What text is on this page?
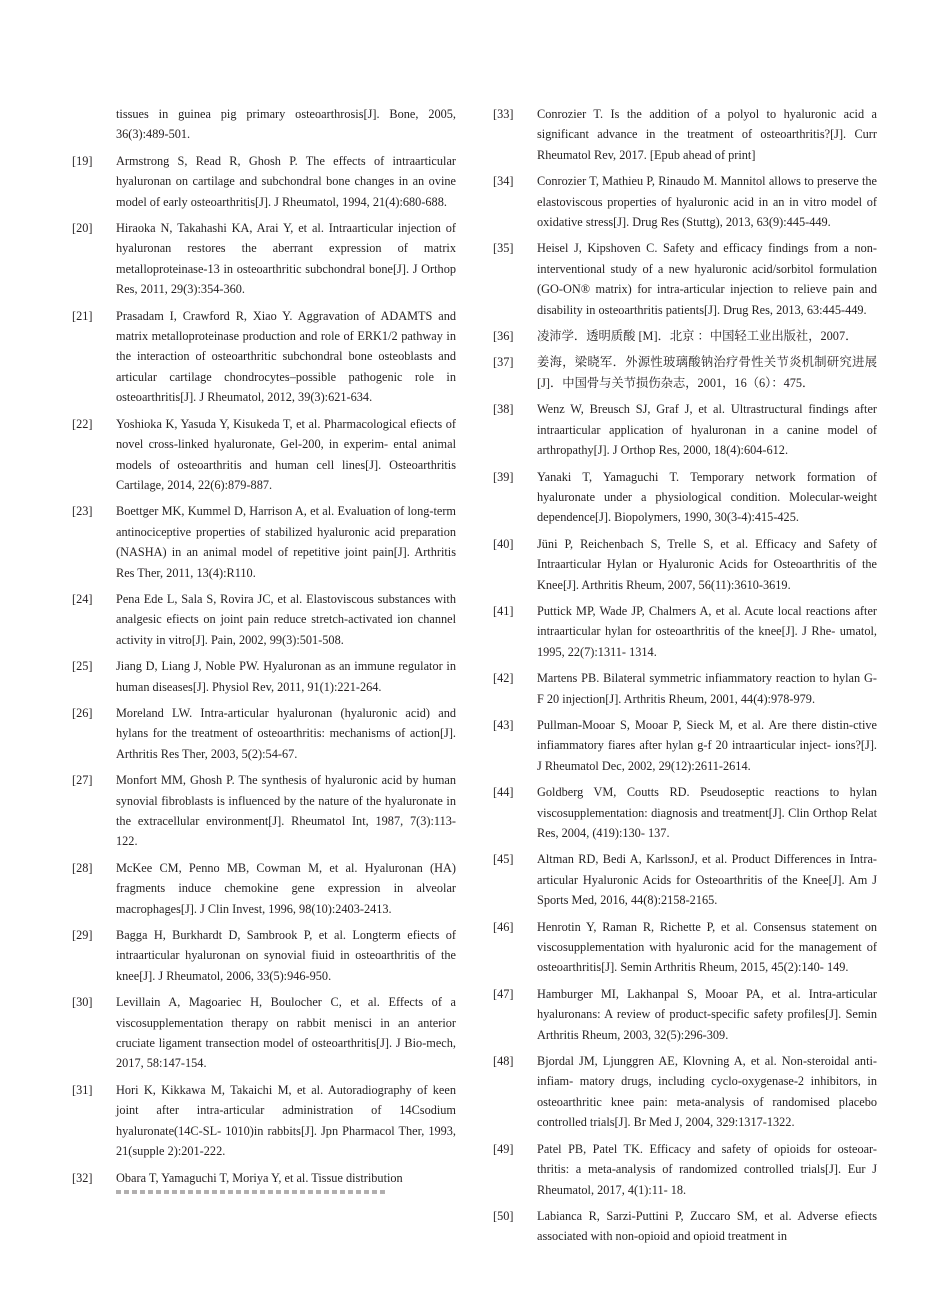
tissues in guinea pig primary osteoarthrosis[J]. Bone, 2005, 36(3):489-501.
[19]	Armstrong S, Read R, Ghosh P. The effects of intraarticular hyaluronan on cartilage and subchondral bone changes in an ovine model of early osteoarthritis[J]. J Rheumatol, 1994, 21(4):680-688.
[20]	Hiraoka N, Takahashi KA, Arai Y, et al. Intraarticular injection of hyaluronan restores the aberrant expression of matrix metalloproteinase-13 in osteoarthritic subchondral bone[J]. J Orthop Res, 2011, 29(3):354-360.
[21]	Prasadam I, Crawford R, Xiao Y. Aggravation of ADAMTS and matrix metalloproteinase production and role of ERK1/2 pathway in the interaction of osteoarthritic subchondral bone osteoblasts and articular cartilage chondrocytes–possible pathogenic role in osteoarthritis[J]. J Rheumatol, 2012, 39(3):621-634.
[22]	Yoshioka K, Yasuda Y, Kisukeda T, et al. Pharmacological efiects of novel cross-linked hyaluronate, Gel-200, in experim- ental animal models of osteoarthritis and human cell lines[J]. Osteoarthritis Cartilage, 2014, 22(6):879-887.
[23]	Boettger MK, Kummel D, Harrison A, et al. Evaluation of long-term antinociceptive properties of stabilized hyaluronic acid preparation (NASHA) in an animal model of repetitive joint pain[J]. Arthritis Res Ther, 2011, 13(4):R110.
[24]	Pena Ede L, Sala S, Rovira JC, et al. Elastoviscous substances with analgesic efiects on joint pain reduce stretch-activated ion channel activity in vitro[J]. Pain, 2002, 99(3):501-508.
[25]	Jiang D, Liang J, Noble PW. Hyaluronan as an immune regulator in human diseases[J]. Physiol Rev, 2011, 91(1):221-264.
[26]	Moreland LW. Intra-articular hyaluronan (hyaluronic acid) and hylans for the treatment of osteoarthritis: mechanisms of action[J]. Arthritis Res Ther, 2003, 5(2):54-67.
[27]	Monfort MM, Ghosh P. The synthesis of hyaluronic acid by human synovial fibroblasts is influenced by the nature of the hyaluronate in the extracellular environment[J]. Rheumatol Int, 1987, 7(3):113- 122.
[28]	McKee CM, Penno MB, Cowman M, et al. Hyaluronan (HA) fragments induce chemokine gene expression in alveolar macrophages[J]. J Clin Invest, 1996, 98(10):2403-2413.
[29]	Bagga H, Burkhardt D, Sambrook P, et al. Longterm efiects of intraarticular hyaluronan on synovial fiuid in osteoarthritis of the knee[J]. J Rheumatol, 2006, 33(5):946-950.
[30]	Levillain A, Magoariec H, Boulocher C, et al. Effects of a viscosupplementation therapy on rabbit menisci in an anterior cruciate ligament transection model of osteoarthritis[J]. J Bio-mech, 2017, 58:147-154.
[31]	Hori K, Kikkawa M, Takaichi M, et al. Autoradiography of keen joint after intra-articular administration of 14Csodium hyaluronate(14C-SL- 1010)in rabbits[J]. Jpn Pharmacol Ther, 1993, 21(supple 2):201-222.
[32]	Obara T, Yamaguchi T, Moriya Y, et al. Tissue distribution
[33]	Conrozier T. Is the addition of a polyol to hyaluronic acid a significant advance in the treatment of osteoarthritis?[J]. Curr Rheumatol Rev, 2017. [Epub ahead of print]
[34]	Conrozier T, Mathieu P, Rinaudo M. Mannitol allows to preserve the elastoviscous properties of hyaluronic acid in an in vitro model of oxidative stress[J]. Drug Res (Stuttg), 2013, 63(9):445-449.
[35]	Heisel J, Kipshoven C. Safety and efficacy findings from a non-interventional study of a new hyaluronic acid/sorbitol formulation (GO-ON® matrix) for intra-articular injection to relieve pain and disability in osteoarthritis patients[J]. Drug Res, 2013, 63:445-449.
[36]	凌沛学．透明质酸 [M]．北京 ：中国轻工业出版社，2007．
[37]	姜海，梁晓军．外源性玻璃酸钠治疗骨性关节炎机制研究进展 [J]．中国骨与关节损伤杂志，2001，16（6）：475．
[38]	Wenz W, Breusch SJ, Graf J, et al. Ultrastructural findings after intraarticular application of hyaluronan in a canine model of arthropathy[J]. J Orthop Res, 2000, 18(4):604-612.
[39]	Yanaki T, Yamaguchi T. Temporary network formation of hyaluronate under a physiological condition. Molecular-weight dependence[J]. Biopolymers, 1990, 30(3-4):415-425.
[40]	Jüni P, Reichenbach S, Trelle S, et al. Efficacy and Safety of Intraarticular Hylan or Hyaluronic Acids for Osteoarthritis of the Knee[J]. Arthritis Rheum, 2007, 56(11):3610-3619.
[41]	Puttick MP, Wade JP, Chalmers A, et al. Acute local reactions after intraarticular hylan for osteoarthritis of the knee[J]. J Rhe- umatol, 1995, 22(7):1311- 1314.
[42]	Martens PB. Bilateral symmetric infiammatory reaction to hylan G-F 20 injection[J]. Arthritis Rheum, 2001, 44(4):978-979.
[43]	Pullman-Mooar S, Mooar P, Sieck M, et al. Are there distin-ctive infiammatory fiares after hylan g-f 20 intraarticular inject- ions?[J]. J Rheumatol Dec, 2002, 29(12):2611-2614.
[44]	Goldberg VM, Coutts RD. Pseudoseptic reactions to hylan viscosupplementation: diagnosis and treatment[J]. Clin Orthop Relat Res, 2004, (419):130- 137.
[45]	Altman RD, Bedi A, KarlssonJ, et al. Product Differences in Intra-articular Hyaluronic Acids for Osteoarthritis of the Knee[J]. Am J Sports Med, 2016, 44(8):2158-2165.
[46]	Henrotin Y, Raman R, Richette P, et al. Consensus statement on viscosupplementation with hyaluronic acid for the management of osteoarthritis[J]. Semin Arthritis Rheum, 2015, 45(2):140- 149.
[47]	Hamburger MI, Lakhanpal S, Mooar PA, et al. Intra-articular hyaluronans: A review of product-specific safety profiles[J]. Semin Arthritis Rheum, 2003, 32(5):296-309.
[48]	Bjordal JM, Ljunggren AE, Klovning A, et al. Non-steroidal anti- infiam- matory drugs, including cyclo-oxygenase-2 inhibitors, in osteoarthritic knee pain: meta-analysis of randomised placebo controlled trials[J]. Br Med J, 2004, 329:1317-1322.
[49]	Patel PB, Patel TK. Efficacy and safety of opioids for osteoar- thritis: a meta-analysis of randomized controlled trials[J]. Eur J Rheumatol, 2017, 4(1):11- 18.
[50]	Labianca R, Sarzi-Puttini P, Zuccaro SM, et al. Adverse efiects associated with non-opioid and opioid treatment in
